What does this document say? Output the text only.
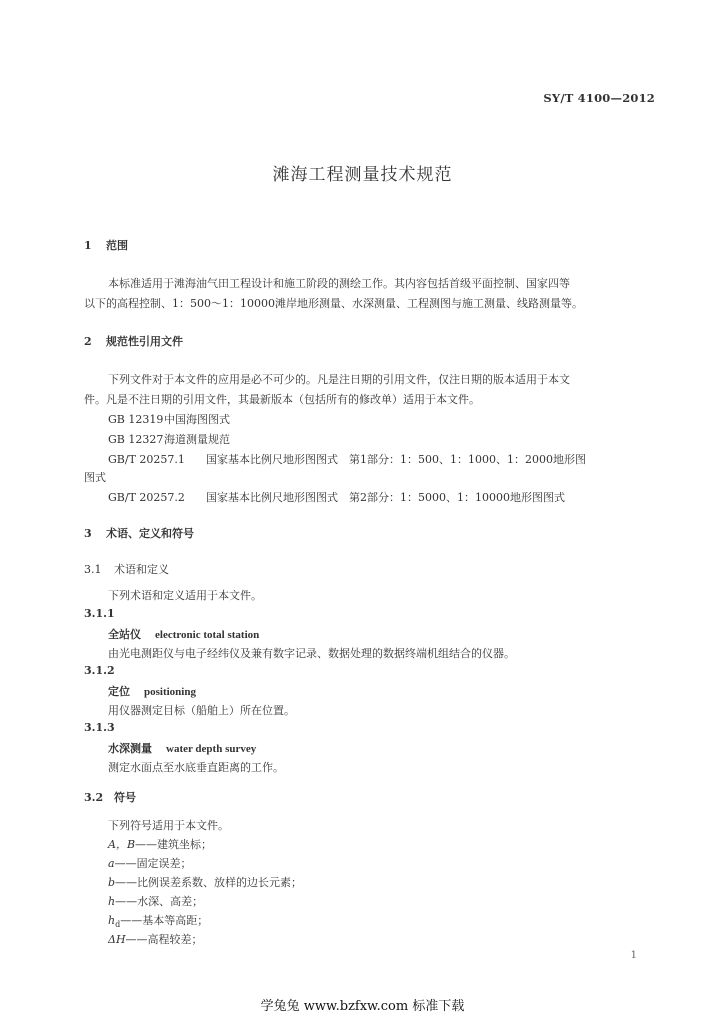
SY/T 4100—2012
滩海工程测量技术规范
1 范围
本标准适用于滩海油气田工程设计和施工阶段的测绘工作。其内容包括首级平面控制、国家四等
以下的高程控制、1：500～1：10000滩岸地形测量、水深测量、工程测图与施工测量、线路测量等。
2 规范性引用文件
下列文件对于本文件的应用是必不可少的。凡是注日期的引用文件，仅注日期的版本适用于本文
件。凡是不注日期的引用文件，其最新版本（包括所有的修改单）适用于本文件。
GB 12319中国海图图式
GB 12327海道测量规范
GB/T 20257.1 国家基本比例尺地形图图式　第1部分：1：500、1：1000、1：2000地形图
图式
GB/T 20257.2 国家基本比例尺地形图图式　第2部分：1：5000、1：10000地形图图式
3 术语、定义和符号
3.1 术语和定义
下列术语和定义适用于本文件。
3.1.1
全站仪 electronic total station
由光电测距仪与电子经纬仪及兼有数字记录、数据处理的数据终端机组结合的仪器。
3.1.2
定位 positioning
用仪器测定目标（船舶上）所在位置。
3.1.3
水深测量 water depth survey
测定水面点至水底垂直距离的工作。
3.2 符号
下列符号适用于本文件。
A，B——建筑坐标；
a——固定误差；
b——比例误差系数、放样的边长元素；
h——水深、高差；
$h_d——$基本等高距；
ΔH——高程较差；
1
学兔兔 www.bzfxw.com 标准下载
